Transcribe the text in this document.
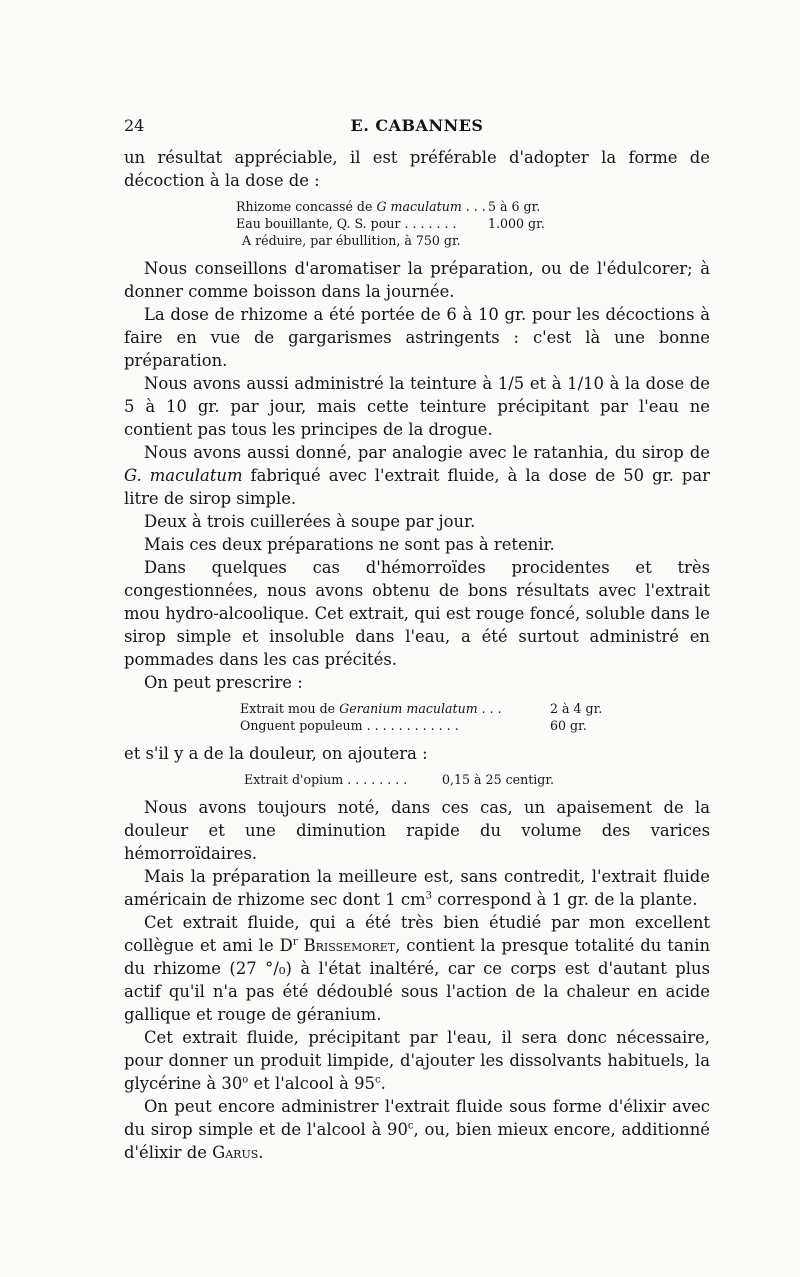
24	E. CABANNES

un résultat appréciable, il est préférable d'adopter la forme de décoction à la dose de :

Rhizome concassé de G maculatum . . . 5 à 6 gr.
Eau bouillante, Q. S. pour . . . . . . . 1.000 gr.
A réduire, par ébullition, à 750 gr.

Nous conseillons d'aromatiser la préparation, ou de l'édulcorer; à donner comme boisson dans la journée.

La dose de rhizome a été portée de 6 à 10 gr. pour les décoctions à faire en vue de gargarismes astringents : c'est là une bonne préparation.

Nous avons aussi administré la teinture à 1/5 et à 1/10 à la dose de 5 à 10 gr. par jour, mais cette teinture précipitant par l'eau ne contient pas tous les principes de la drogue.

Nous avons aussi donné, par analogie avec le ratanhia, du sirop de G. maculatum fabriqué avec l'extrait fluide, à la dose de 50 gr. par litre de sirop simple.

Deux à trois cuillerées à soupe par jour.

Mais ces deux préparations ne sont pas à retenir.

Dans quelques cas d'hémorroïdes procidentes et très congestionnées, nous avons obtenu de bons résultats avec l'extrait mou hydro-alcoolique. Cet extrait, qui est rouge foncé, soluble dans le sirop simple et insoluble dans l'eau, a été surtout administré en pommades dans les cas précités.

On peut prescrire :

Extrait mou de Geranium maculatum . . .	2 à 4 gr.
Onguent populeum . . . . . . . . . . . .	60 gr.

et s'il y a de la douleur, on ajoutera :

Extrait d'opium . . . . . . . .	0,15 à 25 centigr.

Nous avons toujours noté, dans ces cas, un apaisement de la douleur et une diminution rapide du volume des varices hémorroïdaires.

Mais la préparation la meilleure est, sans contredit, l'extrait fluide américain de rhizome sec dont 1 $cm^3$ correspond à 1 gr. de la plante.

Cet extrait fluide, qui a été très bien étudié par mon excellent collègue et ami le $D^r$ Brissemoret, contient la presque totalité du tanin du rhizome (27 °/₀) à l'état inaltéré, car ce corps est d'autant plus actif qu'il n'a pas été dédoublé sous l'action de la chaleur en acide gallique et rouge de géranium.

Cet extrait fluide, précipitant par l'eau, il sera donc nécessaire, pour donner un produit limpide, d'ajouter les dissolvants habituels, la glycérine à 30$^o$ et l'alcool à 95$^c$.

On peut encore administrer l'extrait fluide sous forme d'élixir avec du sirop simple et de l'alcool à 90$^c$, ou, bien mieux encore, additionné d'élixir de Garus.
